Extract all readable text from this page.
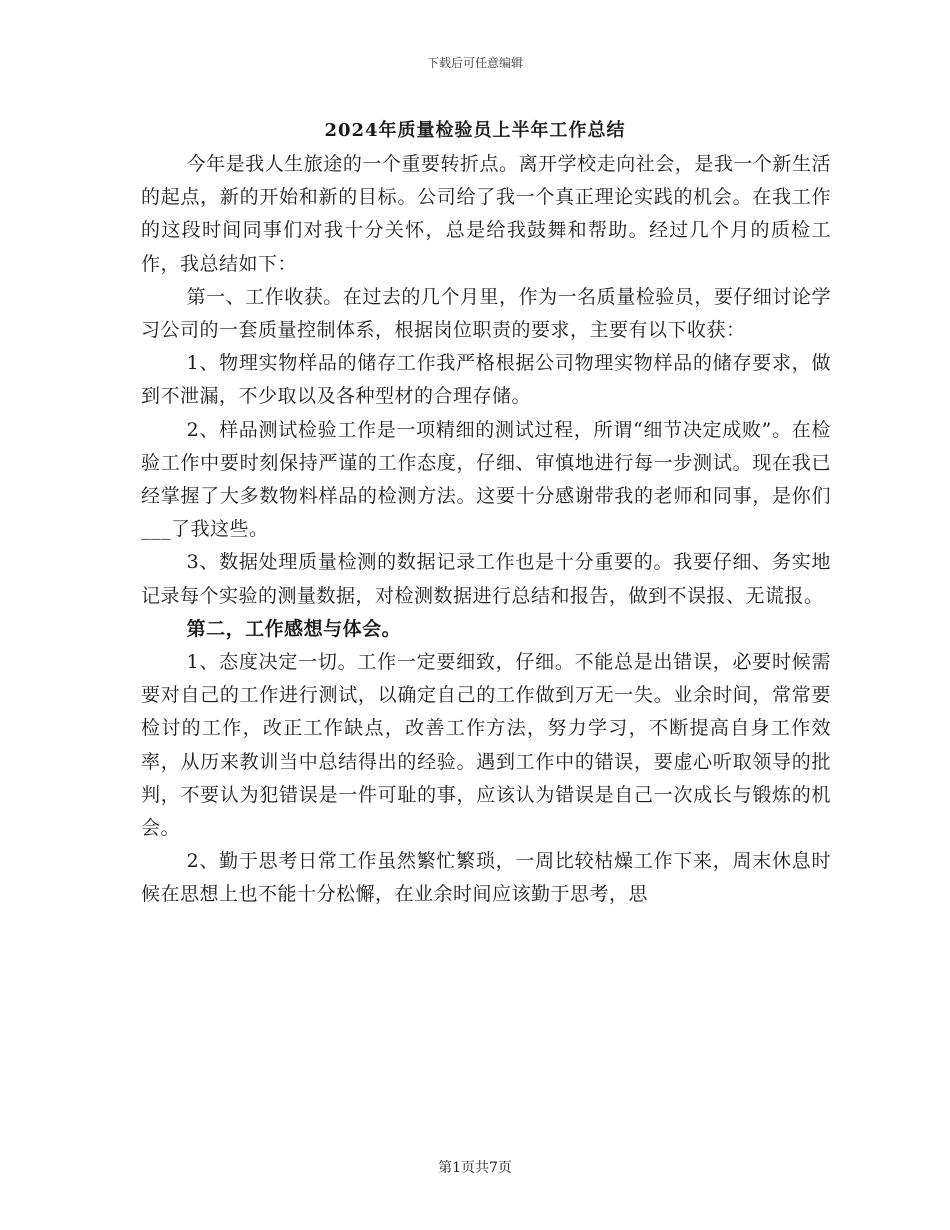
下载后可任意编辑
2024年质量检验员上半年工作总结

今年是我人生旅途的一个重要转折点。离开学校走向社会，是我一个新生活的起点，新的开始和新的目标。公司给了我一个真正理论实践的机会。在我工作的这段时间同事们对我十分关怀，总是给我鼓舞和帮助。经过几个月的质检工作，我总结如下：

第一、工作收获。在过去的几个月里，作为一名质量检验员，要仔细讨论学习公司的一套质量控制体系，根据岗位职责的要求，主要有以下收获：

1、物理实物样品的储存工作我严格根据公司物理实物样品的储存要求，做到不泄漏，不少取以及各种型材的合理存储。

2、样品测试检验工作是一项精细的测试过程，所谓“细节决定成败”。在检验工作中要时刻保持严谨的工作态度，仔细、审慎地进行每一步测试。现在我已经掌握了大多数物料样品的检测方法。这要十分感谢带我的老师和同事，是你们___了我这些。

3、数据处理质量检测的数据记录工作也是十分重要的。我要仔细、务实地记录每个实验的测量数据，对检测数据进行总结和报告，做到不误报、无谎报。

第二，工作感想与体会。

1、态度决定一切。工作一定要细致，仔细。不能总是出错误，必要时候需要对自己的工作进行测试，以确定自己的工作做到万无一失。业余时间，常常要检讨的工作，改正工作缺点，改善工作方法，努力学习，不断提高自身工作效率，从历来教训当中总结得出的经验。遇到工作中的错误，要虚心听取领导的批判，不要认为犯错误是一件可耻的事，应该认为错误是自己一次成长与锻炼的机会。

2、勤于思考日常工作虽然繁忙繁琐，一周比较枯燥工作下来，周末休息时候在思想上也不能十分松懈，在业余时间应该勤于思考，思

第1页共7页
